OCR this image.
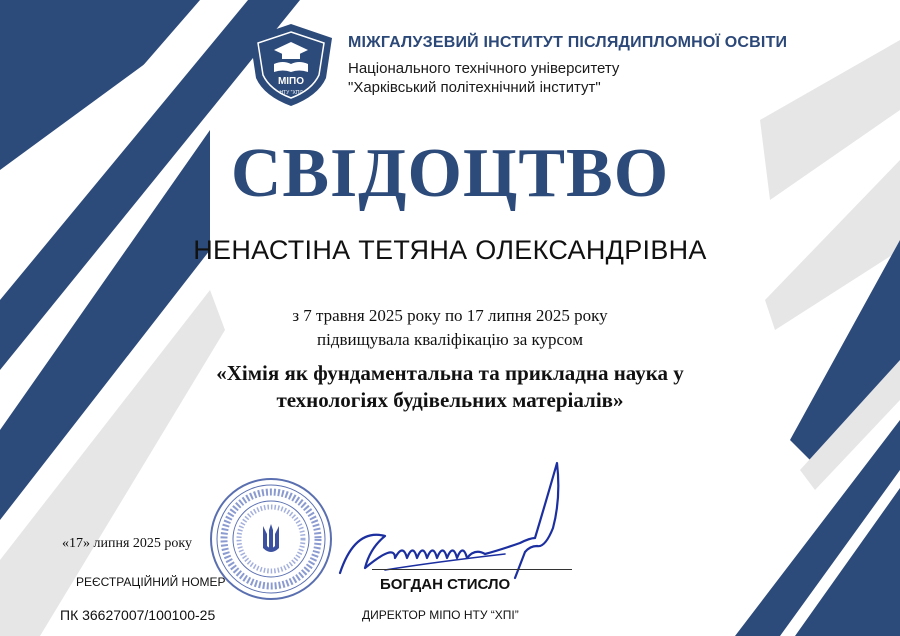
МІПО
НТУ "ХПІ"
МІЖГАЛУЗЕВИЙ ІНСТИТУТ ПІСЛЯДИПЛОМНОЇ ОСВІТИ
Національного технічного університету
"Харківський політехнічний інститут"
СВІДОЦТВО
НЕНАСТІНА ТЕТЯНА ОЛЕКСАНДРІВНА
з 7 травня 2025 року по 17 липня 2025 року
підвищувала кваліфікацію за курсом
«Хімія як фундаментальна та прикладна наука у
технологіях будівельних матеріалів»
«17» липня 2025 року
РЕЄСТРАЦІЙНИЙ НОМЕР
ПК 36627007/100100-25
БОГДАН СТИСЛО
ДИРЕКТОР МІПО НТУ “ХПІ”
